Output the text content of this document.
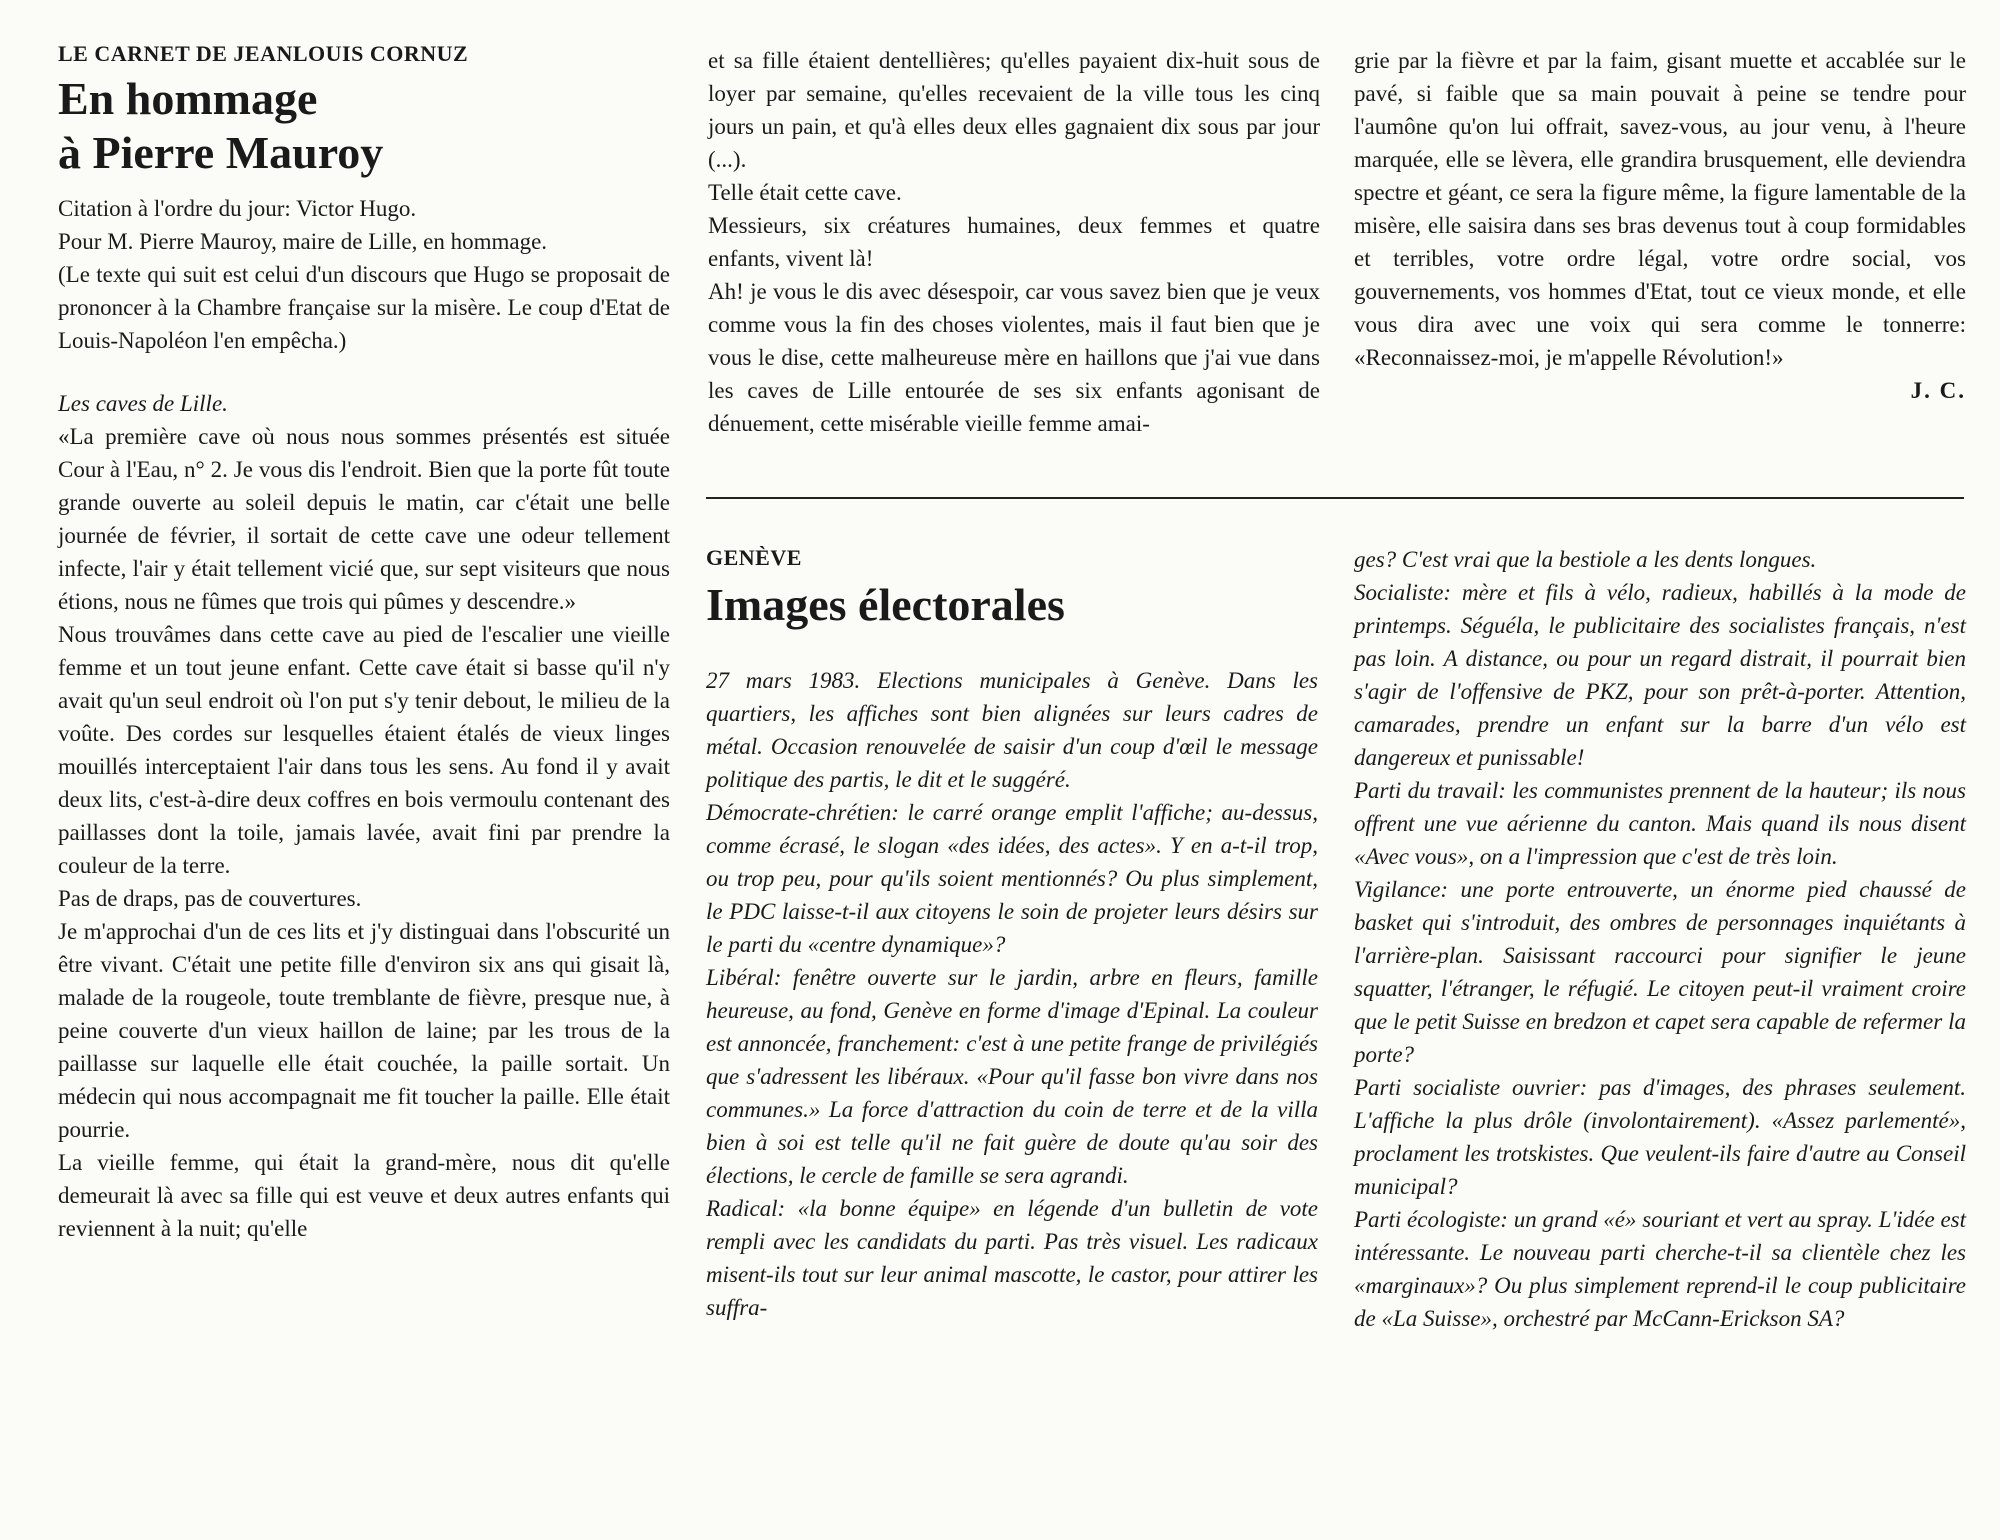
LE CARNET DE JEANLOUIS CORNUZ

En hommage
à Pierre Mauroy

Citation à l'ordre du jour: Victor Hugo.

Pour M. Pierre Mauroy, maire de Lille, en hommage.

(Le texte qui suit est celui d'un discours que Hugo se proposait de prononcer à la Chambre française sur la misère. Le coup d'Etat de Louis-Napoléon l'en empêcha.)

Les caves de Lille.

«La première cave où nous nous sommes présentés est située Cour à l'Eau, n° 2. Je vous dis l'endroit. Bien que la porte fût toute grande ouverte au soleil depuis le matin, car c'était une belle journée de février, il sortait de cette cave une odeur tellement infecte, l'air y était tellement vicié que, sur sept visiteurs que nous étions, nous ne fûmes que trois qui pûmes y descendre.»

Nous trouvâmes dans cette cave au pied de l'escalier une vieille femme et un tout jeune enfant. Cette cave était si basse qu'il n'y avait qu'un seul endroit où l'on put s'y tenir debout, le milieu de la voûte. Des cordes sur lesquelles étaient étalés de vieux linges mouillés interceptaient l'air dans tous les sens. Au fond il y avait deux lits, c'est-à-dire deux coffres en bois vermoulu contenant des paillasses dont la toile, jamais lavée, avait fini par prendre la couleur de la terre.

Pas de draps, pas de couvertures.

Je m'approchai d'un de ces lits et j'y distinguai dans l'obscurité un être vivant. C'était une petite fille d'environ six ans qui gisait là, malade de la rougeole, toute tremblante de fièvre, presque nue, à peine couverte d'un vieux haillon de laine; par les trous de la paillasse sur laquelle elle était couchée, la paille sortait. Un médecin qui nous accompagnait me fit toucher la paille. Elle était pourrie.

La vieille femme, qui était la grand-mère, nous dit qu'elle demeurait là avec sa fille qui est veuve et deux autres enfants qui reviennent à la nuit; qu'elle

et sa fille étaient dentellières; qu'elles payaient dix-huit sous de loyer par semaine, qu'elles recevaient de la ville tous les cinq jours un pain, et qu'à elles deux elles gagnaient dix sous par jour (...).

Telle était cette cave.

Messieurs, six créatures humaines, deux femmes et quatre enfants, vivent là!

Ah! je vous le dis avec désespoir, car vous savez bien que je veux comme vous la fin des choses violentes, mais il faut bien que je vous le dise, cette malheureuse mère en haillons que j'ai vue dans les caves de Lille entourée de ses six enfants agonisant de dénuement, cette misérable vieille femme amai-

grie par la fièvre et par la faim, gisant muette et accablée sur le pavé, si faible que sa main pouvait à peine se tendre pour l'aumône qu'on lui offrait, savez-vous, au jour venu, à l'heure marquée, elle se lèvera, elle grandira brusquement, elle deviendra spectre et géant, ce sera la figure même, la figure lamentable de la misère, elle saisira dans ses bras devenus tout à coup formidables et terribles, votre ordre légal, votre ordre social, vos gouvernements, vos hommes d'Etat, tout ce vieux monde, et elle vous dira avec une voix qui sera comme le tonnerre: «Reconnaissez-moi, je m'appelle Révolution!»

J. C.

GENÈVE

Images électorales

27 mars 1983. Elections municipales à Genève. Dans les quartiers, les affiches sont bien alignées sur leurs cadres de métal. Occasion renouvelée de saisir d'un coup d'œil le message politique des partis, le dit et le suggéré.

Démocrate-chrétien: le carré orange emplit l'affiche; au-dessus, comme écrasé, le slogan «des idées, des actes». Y en a-t-il trop, ou trop peu, pour qu'ils soient mentionnés? Ou plus simplement, le PDC laisse-t-il aux citoyens le soin de projeter leurs désirs sur le parti du «centre dynamique»?

Libéral: fenêtre ouverte sur le jardin, arbre en fleurs, famille heureuse, au fond, Genève en forme d'image d'Epinal. La couleur est annoncée, franchement: c'est à une petite frange de privilégiés que s'adressent les libéraux. «Pour qu'il fasse bon vivre dans nos communes.» La force d'attraction du coin de terre et de la villa bien à soi est telle qu'il ne fait guère de doute qu'au soir des élections, le cercle de famille se sera agrandi.

Radical: «la bonne équipe» en légende d'un bulletin de vote rempli avec les candidats du parti. Pas très visuel. Les radicaux misent-ils tout sur leur animal mascotte, le castor, pour attirer les suffra-

ges? C'est vrai que la bestiole a les dents longues.

Socialiste: mère et fils à vélo, radieux, habillés à la mode de printemps. Séguéla, le publicitaire des socialistes français, n'est pas loin. A distance, ou pour un regard distrait, il pourrait bien s'agir de l'offensive de PKZ, pour son prêt-à-porter. Attention, camarades, prendre un enfant sur la barre d'un vélo est dangereux et punissable!

Parti du travail: les communistes prennent de la hauteur; ils nous offrent une vue aérienne du canton. Mais quand ils nous disent «Avec vous», on a l'impression que c'est de très loin.

Vigilance: une porte entrouverte, un énorme pied chaussé de basket qui s'introduit, des ombres de personnages inquiétants à l'arrière-plan. Saisissant raccourci pour signifier le jeune squatter, l'étranger, le réfugié. Le citoyen peut-il vraiment croire que le petit Suisse en bredzon et capet sera capable de refermer la porte?

Parti socialiste ouvrier: pas d'images, des phrases seulement. L'affiche la plus drôle (involontairement). «Assez parlementé», proclament les trotskistes. Que veulent-ils faire d'autre au Conseil municipal?

Parti écologiste: un grand «é» souriant et vert au spray. L'idée est intéressante. Le nouveau parti cherche-t-il sa clientèle chez les «marginaux»? Ou plus simplement reprend-il le coup publicitaire de «La Suisse», orchestré par McCann-Erickson SA?
